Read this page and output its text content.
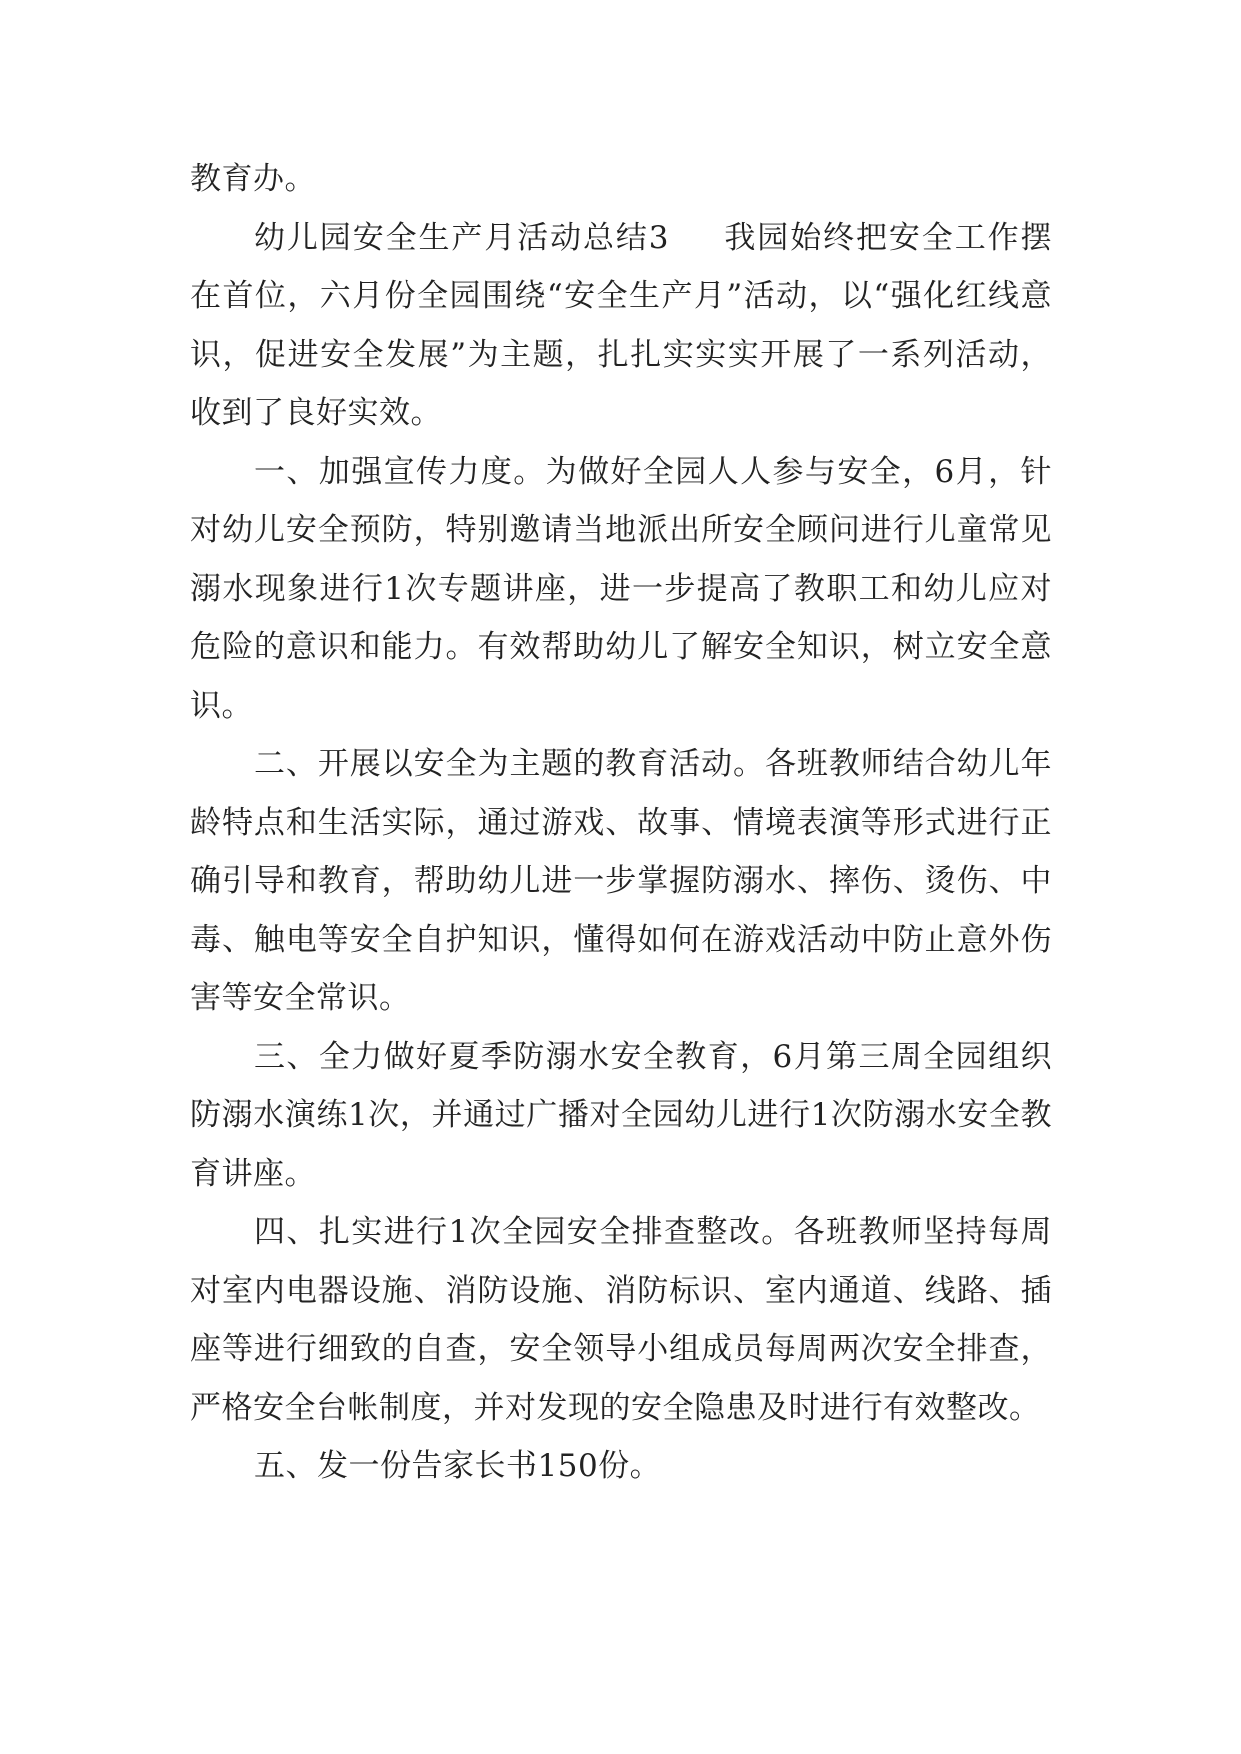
教育办。

幼儿园安全生产月活动总结3 我园始终把安全工作摆在首位，六月份全园围绕“安全生产月”活动，以“强化红线意识，促进安全发展”为主题，扎扎实实实开展了一系列活动，收到了良好实效。

一、加强宣传力度。为做好全园人人参与安全，6月，针对幼儿安全预防，特别邀请当地派出所安全顾问进行儿童常见溺水现象进行1次专题讲座，进一步提高了教职工和幼儿应对危险的意识和能力。有效帮助幼儿了解安全知识，树立安全意识。

二、开展以安全为主题的教育活动。各班教师结合幼儿年龄特点和生活实际，通过游戏、故事、情境表演等形式进行正确引导和教育，帮助幼儿进一步掌握防溺水、摔伤、烫伤、中毒、触电等安全自护知识，懂得如何在游戏活动中防止意外伤害等安全常识。

三、全力做好夏季防溺水安全教育，6月第三周全园组织防溺水演练1次，并通过广播对全园幼儿进行1次防溺水安全教育讲座。

四、扎实进行1次全园安全排查整改。各班教师坚持每周对室内电器设施、消防设施、消防标识、室内通道、线路、插座等进行细致的自查，安全领导小组成员每周两次安全排查，严格安全台帐制度，并对发现的安全隐患及时进行有效整改。

五、发一份告家长书150份。
